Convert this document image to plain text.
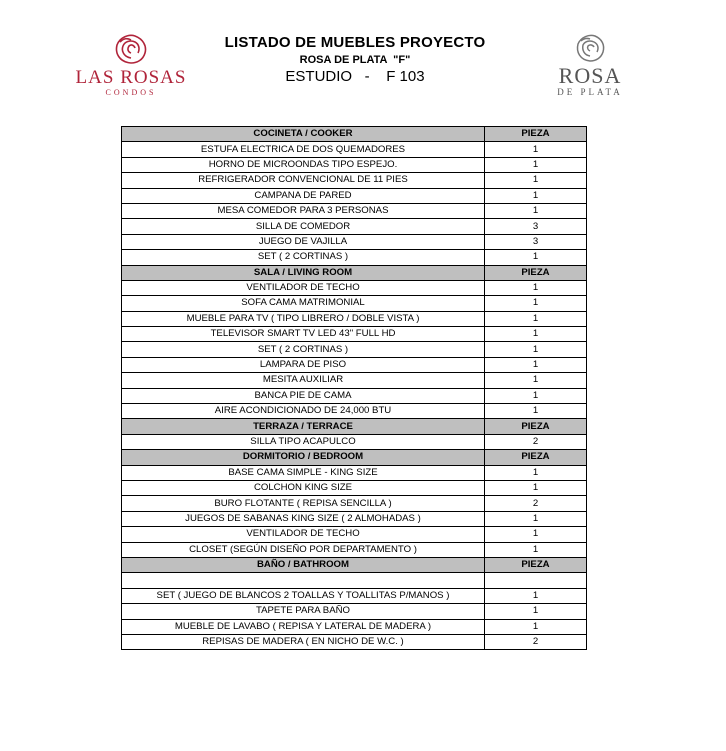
LAS ROSAS
CONDOS
LISTADO DE MUEBLES PROYECTO
ROSA DE PLATA  "F"
ESTUDIO   -    F 103	ROSA
DE PLATA
COCINETA / COOKER	PIEZA
ESTUFA ELECTRICA DE DOS QUEMADORES	1
HORNO DE MICROONDAS TIPO ESPEJO.	1
REFRIGERADOR CONVENCIONAL DE 11 PIES	1
CAMPANA DE PARED	1
MESA COMEDOR PARA 3 PERSONAS	1
SILLA DE COMEDOR	3
JUEGO DE VAJILLA	3
SET ( 2 CORTINAS )	1
SALA / LIVING ROOM	PIEZA
VENTILADOR DE TECHO	1
SOFA CAMA MATRIMONIAL	1
MUEBLE PARA TV ( TIPO LIBRERO / DOBLE VISTA )	1
TELEVISOR SMART TV LED 43" FULL HD	1
SET ( 2 CORTINAS )	1
LAMPARA DE PISO	1
MESITA AUXILIAR	1
BANCA PIE DE CAMA	1
AIRE ACONDICIONADO DE 24,000 BTU	1
TERRAZA / TERRACE	PIEZA
SILLA TIPO ACAPULCO	2
DORMITORIO / BEDROOM	PIEZA
BASE CAMA SIMPLE - KING SIZE	1
COLCHON KING SIZE	1
BURO FLOTANTE ( REPISA SENCILLA )	2
JUEGOS DE SABANAS KING SIZE ( 2 ALMOHADAS )	1
VENTILADOR DE TECHO	1
CLOSET (SEGÚN DISEÑO POR DEPARTAMENTO )	1
BAÑO / BATHROOM	PIEZA

SET ( JUEGO DE BLANCOS 2 TOALLAS Y TOALLITAS P/MANOS )	1
TAPETE PARA BAÑO	1
MUEBLE DE LAVABO ( REPISA Y LATERAL DE MADERA )	1
REPISAS DE MADERA ( EN NICHO DE W.C. )	2
